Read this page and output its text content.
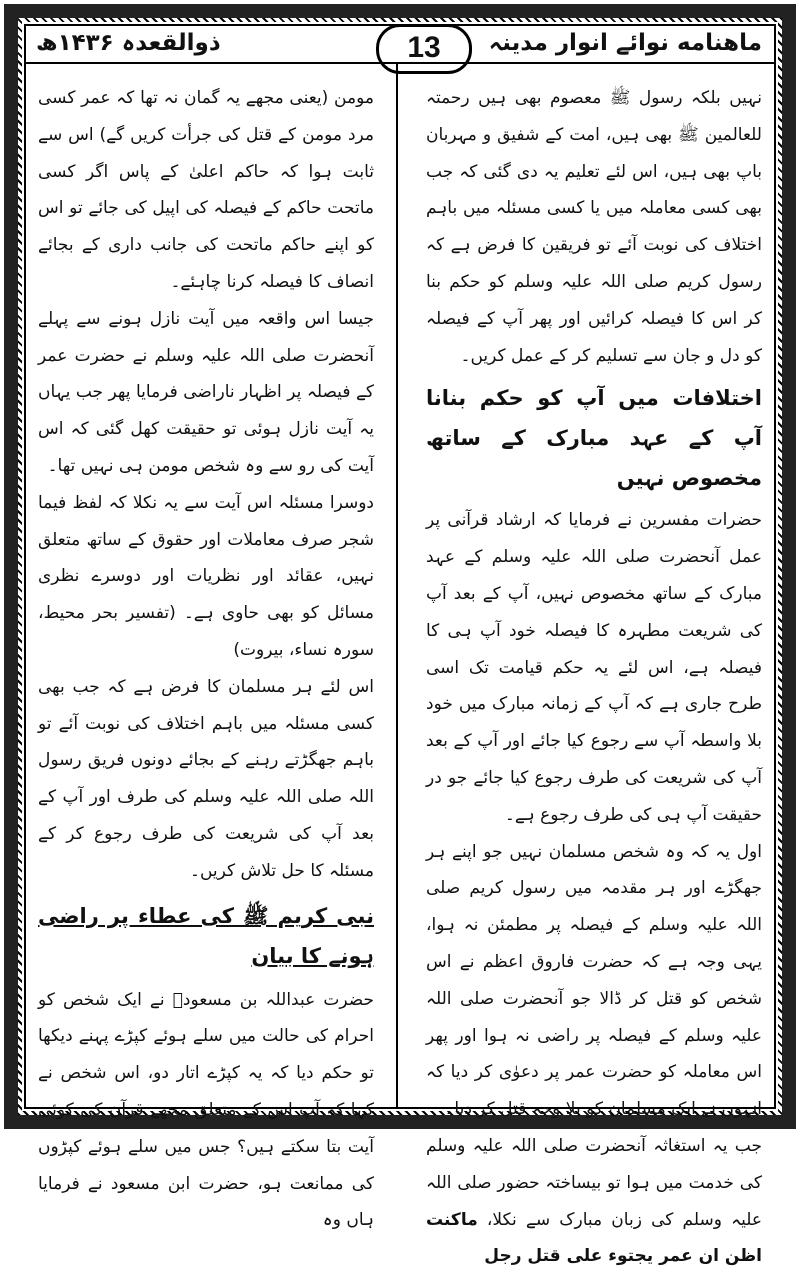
ذوالقعدہ ۱۴۳۶ھ	13	ماهنامه نوائے انوار مدینہ

نہیں بلکہ رسول ﷺ معصوم بھی ہیں رحمتہ للعالمین ﷺ بھی ہیں، امت کے شفیق و مہربان باپ بھی ہیں، اس لئے تعلیم یہ دی گئی کہ جب بھی کسی معاملہ میں یا کسی مسئلہ میں باہم اختلاف کی نوبت آئے تو فریقین کا فرض ہے کہ رسول کریم صلی اللہ علیہ وسلم کو حکم بنا کر اس کا فیصلہ کرائیں اور پھر آپ کے فیصلہ کو دل و جان سے تسلیم کر کے عمل کریں۔

اختلافات میں آپ کو حکم بنانا آپ کے عہد مبارک کے ساتھ مخصوص نہیں

حضرات مفسرین نے فرمایا کہ ارشاد قرآنی پر عمل آنحضرت صلی اللہ علیہ وسلم کے عہد مبارک کے ساتھ مخصوص نہیں، آپ کے بعد آپ کی شریعت مطہرہ کا فیصلہ خود آپ ہی کا فیصلہ ہے، اس لئے یہ حکم قیامت تک اسی طرح جاری ہے کہ آپ کے زمانہ مبارک میں خود بلا واسطہ آپ سے رجوع کیا جائے اور آپ کے بعد آپ کی شریعت کی طرف رجوع کیا جائے جو در حقیقت آپ ہی کی طرف رجوع ہے۔

اول یہ کہ وہ شخص مسلمان نہیں جو اپنے ہر جھگڑے اور ہر مقدمہ میں رسول کریم صلی اللہ علیہ وسلم کے فیصلہ پر مطمئن نہ ہوا، یہی وجہ ہے کہ حضرت فاروق اعظم نے اس شخص کو قتل کر ڈالا جو آنحضرت صلی اللہ علیہ وسلم کے فیصلہ پر راضی نہ ہوا اور پھر اس معاملہ کو حضرت عمر پر دعوٰی کر دیا کہ انہوں نے ایک مسلمان کو بلا وجہ قتل کر دیا۔

جب یہ استغاثہ آنحضرت صلی اللہ علیہ وسلم کی خدمت میں ہوا تو بیساختہ حضور صلی اللہ علیہ وسلم کی زبان مبارک سے نکلا، ماکنت اظن ان عمر یجتوء علی قتل رجل

مومن (یعنی مجھے یہ گمان نہ تھا کہ عمر کسی مرد مومن کے قتل کی جرأت کریں گے) اس سے ثابت ہوا کہ حاکم اعلیٰ کے پاس اگر کسی ماتحت حاکم کے فیصلہ کی اپیل کی جائے تو اس کو اپنے حاکم ماتحت کی جانب داری کے بجائے انصاف کا فیصلہ کرنا چاہئے۔

جیسا اس واقعہ میں آیت نازل ہونے سے پہلے آنحضرت صلی اللہ علیہ وسلم نے حضرت عمر کے فیصلہ پر اظہار ناراضی فرمایا پھر جب یہاں یہ آیت نازل ہوئی تو حقیقت کھل گئی کہ اس آیت کی رو سے وہ شخص مومن ہی نہیں تھا۔

دوسرا مسئلہ اس آیت سے یہ نکلا کہ لفظ فیما شجر صرف معاملات اور حقوق کے ساتھ متعلق نہیں، عقائد اور نظریات اور دوسرے نظری مسائل کو بھی حاوی ہے۔ (تفسیر بحر محیط، سورہ نساء، بیروت)

اس لئے ہر مسلمان کا فرض ہے کہ جب بھی کسی مسئلہ میں باہم اختلاف کی نوبت آئے تو باہم جھگڑتے رہنے کے بجائے دونوں فریق رسول اللہ صلی اللہ علیہ وسلم کی طرف اور آپ کے بعد آپ کی شریعت کی طرف رجوع کر کے مسئلہ کا حل تلاش کریں۔

نبی کریم ﷺ کی عطاء پر راضی ہونے کا بیان

حضرت عبداللہ بن مسعودؓ نے ایک شخص کو احرام کی حالت میں سلے ہوئے کپڑے پہنے دیکھا تو حکم دیا کہ یہ کپڑے اتار دو، اس شخص نے کہا کہ آپ اس کے متعلق مجھے قرآن کی کوئی آیت بتا سکتے ہیں؟ جس میں سلے ہوئے کپڑوں کی ممانعت ہو، حضرت ابن مسعود نے فرمایا ہاں وہ
